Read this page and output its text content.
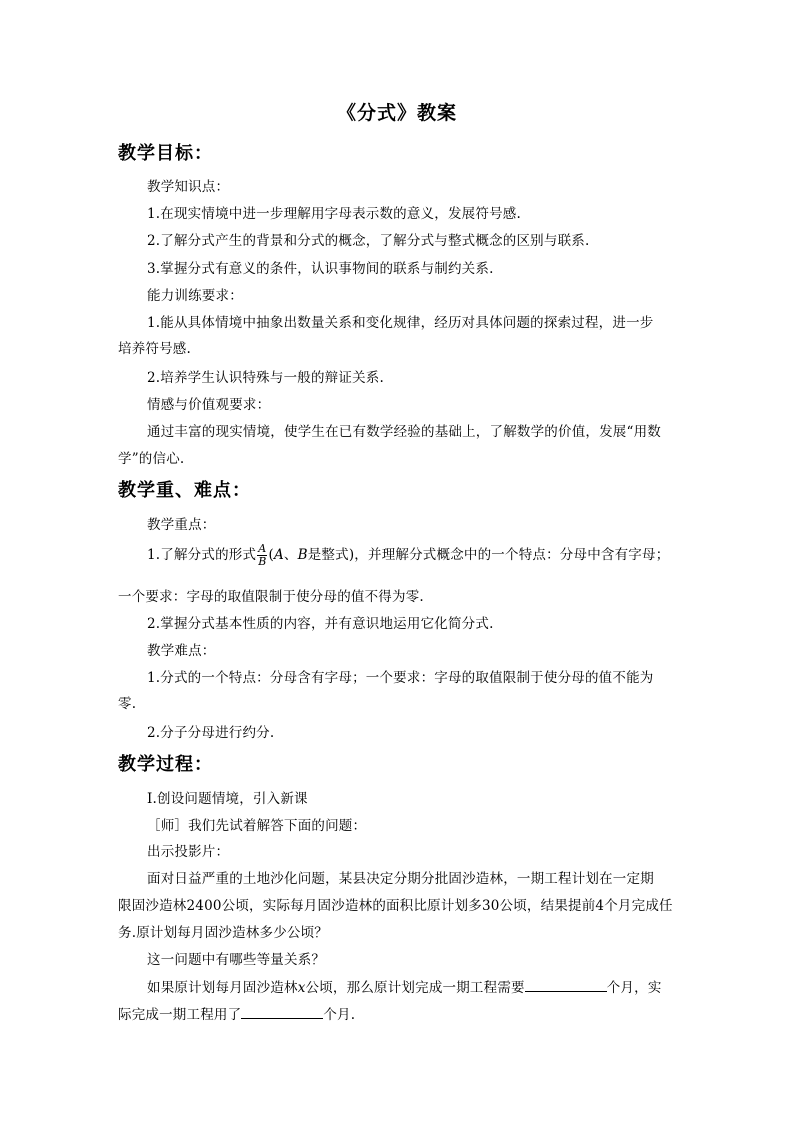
《分式》教案
教学目标：
教学知识点：
1.在现实情境中进一步理解用字母表示数的意义，发展符号感.
2.了解分式产生的背景和分式的概念，了解分式与整式概念的区别与联系.
3.掌握分式有意义的条件，认识事物间的联系与制约关系.
能力训练要求：
1.能从具体情境中抽象出数量关系和变化规律，经历对具体问题的探索过程，进一步
培养符号感.
2.培养学生认识特殊与一般的辩证关系.
情感与价值观要求：
通过丰富的现实情境，使学生在已有数学经验的基础上，了解数学的价值，发展“用数
学”的信心.
教学重、难点：
教学重点：
1.了解分式的形式 $\frac{A}{B} (A$、B是整式)，并理解分式概念中的一个特点：分母中含有字母；
一个要求：字母的取值限制于使分母的值不得为零.
2.掌握分式基本性质的内容，并有意识地运用它化简分式.
教学难点：
1.分式的一个特点：分母含有字母；一个要求：字母的取值限制于使分母的值不能为
零.
2.分子分母进行约分.
教学过程：
Ⅰ.创设问题情境，引入新课
［师］我们先试着解答下面的问题：
出示投影片：
面对日益严重的土地沙化问题，某县决定分期分批固沙造林，一期工程计划在一定期
限固沙造林2400公顷，实际每月固沙造林的面积比原计划多30公顷，结果提前4个月完成任
务.原计划每月固沙造林多少公顷？
这一问题中有哪些等量关系？
如果原计划每月固沙造林x公顷，那么原计划完成一期工程需要	个月，实
际完成一期工程用了	个月.
